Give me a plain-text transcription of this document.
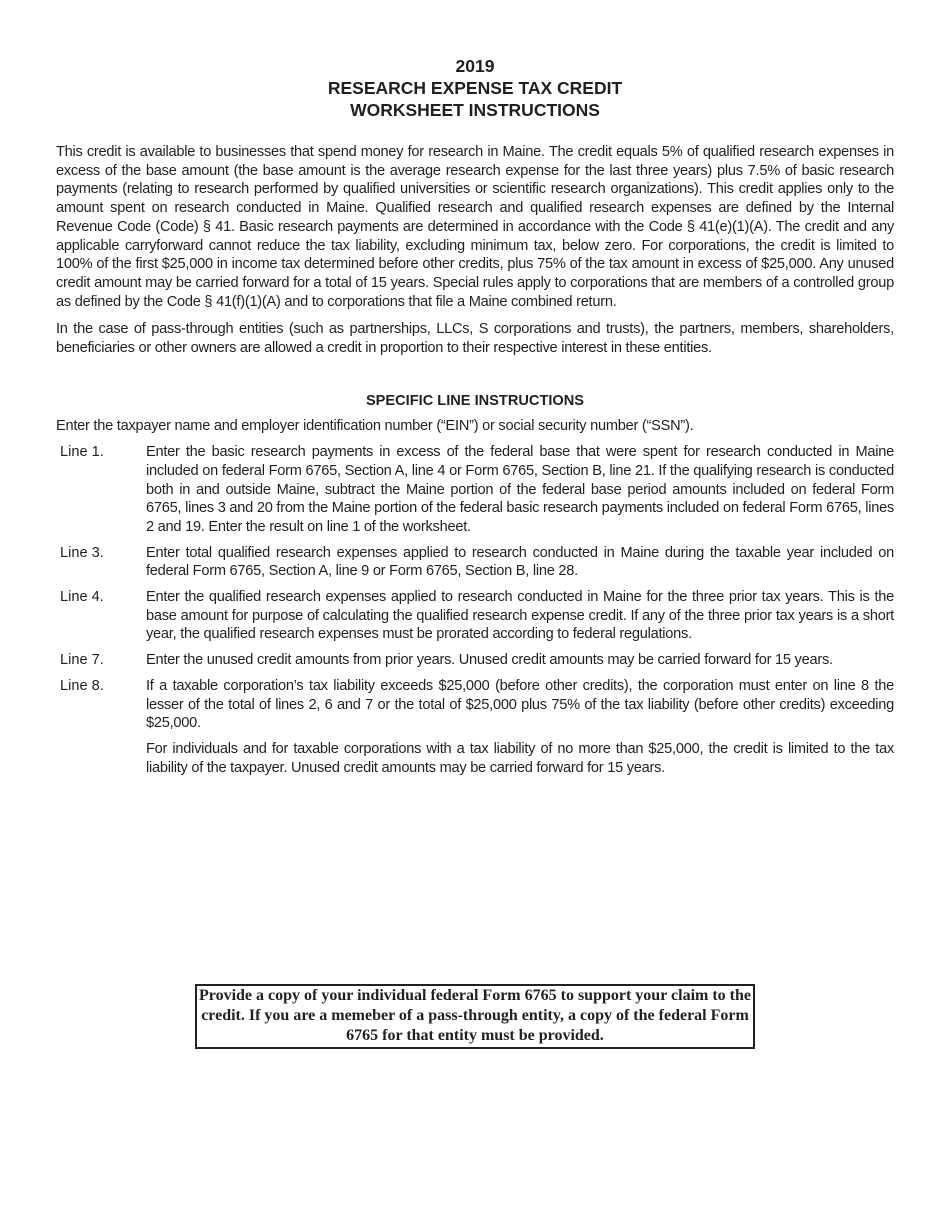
2019
RESEARCH EXPENSE TAX CREDIT
WORKSHEET INSTRUCTIONS

This credit is available to businesses that spend money for research in Maine. The credit equals 5% of qualified research expenses in excess of the base amount (the base amount is the average research expense for the last three years) plus 7.5% of basic research payments (relating to research performed by qualified universities or scientific research organizations). This credit applies only to the amount spent on research conducted in Maine. Qualified research and qualified research expenses are defined by the Internal Revenue Code (Code) § 41. Basic research payments are determined in accordance with the Code § 41(e)(1)(A). The credit and any applicable carryforward cannot reduce the tax liability, excluding minimum tax, below zero. For corporations, the credit is limited to 100% of the first $25,000 in income tax determined before other credits, plus 75% of the tax amount in excess of $25,000. Any unused credit amount may be carried forward for a total of 15 years. Special rules apply to corporations that are members of a controlled group as defined by the Code § 41(f)(1)(A) and to corporations that file a Maine combined return.

In the case of pass-through entities (such as partnerships, LLCs, S corporations and trusts), the partners, members, shareholders, beneficiaries or other owners are allowed a credit in proportion to their respective interest in these entities.

SPECIFIC LINE INSTRUCTIONS
Enter the taxpayer name and employer identification number (“EIN”) or social security number (“SSN”).
Line 1.	Enter the basic research payments in excess of the federal base that were spent for research conducted in Maine included on federal Form 6765, Section A, line 4 or Form 6765, Section B, line 21. If the qualifying research is conducted both in and outside Maine, subtract the Maine portion of the federal base period amounts included on federal Form 6765, lines 3 and 20 from the Maine portion of the federal basic research payments included on federal Form 6765, lines 2 and 19. Enter the result on line 1 of the worksheet.
Line 3.	Enter total qualified research expenses applied to research conducted in Maine during the taxable year included on federal Form 6765, Section A, line 9 or Form 6765, Section B, line 28.
Line 4.	Enter the qualified research expenses applied to research conducted in Maine for the three prior tax years. This is the base amount for purpose of calculating the qualified research expense credit. If any of the three prior tax years is a short year, the qualified research expenses must be prorated according to federal regulations.
Line 7.	Enter the unused credit amounts from prior years. Unused credit amounts may be carried forward for 15 years.
Line 8.	If a taxable corporation’s tax liability exceeds $25,000 (before other credits), the corporation must enter on line 8 the lesser of the total of lines 2, 6 and 7 or the total of $25,000 plus 75% of the tax liability (before other credits) exceeding $25,000.
For individuals and for taxable corporations with a tax liability of no more than $25,000, the credit is limited to the tax liability of the taxpayer. Unused credit amounts may be carried forward for 15 years.
Provide a copy of your individual federal Form 6765 to support your claim to the credit. If you are a memeber of a pass-through entity, a copy of the federal Form 6765 for that entity must be provided.
